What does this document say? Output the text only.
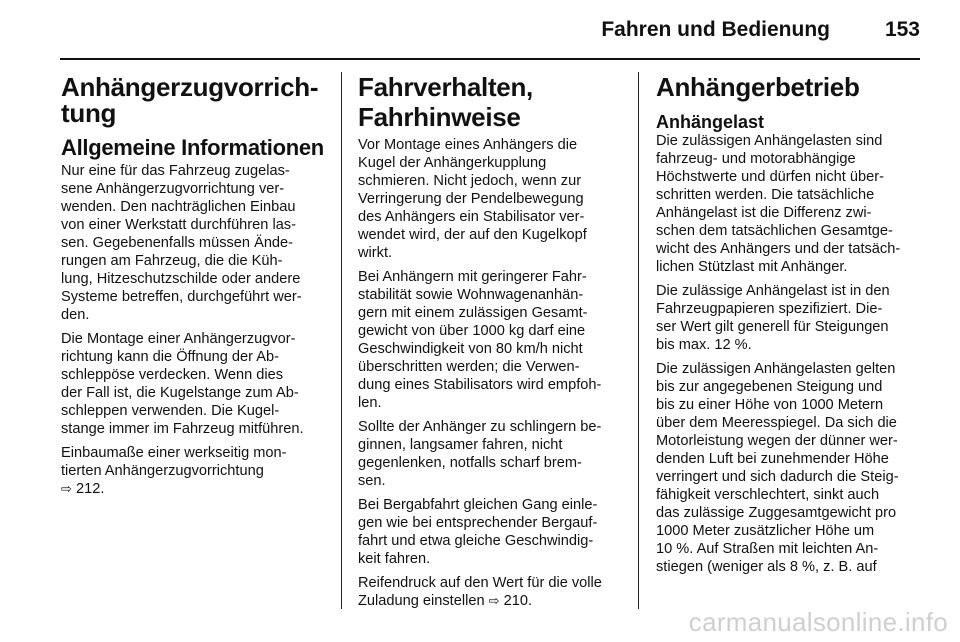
Fahren und Bedienung	153
Anhängerzugvorrich-
tung
Allgemeine Informationen

Nur eine für das Fahrzeug zugelas-
sene Anhängerzugvorrichtung ver-
wenden. Den nachträglichen Einbau
von einer Werkstatt durchführen las-
sen. Gegebenenfalls müssen Ände-
rungen am Fahrzeug, die die Küh-
lung, Hitzeschutzschilde oder andere
Systeme betreffen, durchgeführt wer-
den.

Die Montage einer Anhängerzugvor-
richtung kann die Öffnung der Ab-
schleppöse verdecken. Wenn dies
der Fall ist, die Kugelstange zum Ab-
schleppen verwenden. Die Kugel-
stange immer im Fahrzeug mitführen.

Einbaumaße einer werkseitig mon-
tierten Anhängerzugvorrichtung
⇨ 212.

Fahrverhalten,
Fahrhinweise

Vor Montage eines Anhängers die
Kugel der Anhängerkupplung
schmieren. Nicht jedoch, wenn zur
Verringerung der Pendelbewegung
des Anhängers ein Stabilisator ver-
wendet wird, der auf den Kugelkopf
wirkt.

Bei Anhängern mit geringerer Fahr-
stabilität sowie Wohnwagenanhän-
gern mit einem zulässigen Gesamt-
gewicht von über 1000 kg darf eine
Geschwindigkeit von 80 km/h nicht
überschritten werden; die Verwen-
dung eines Stabilisators wird empfoh-
len.

Sollte der Anhänger zu schlingern be-
ginnen, langsamer fahren, nicht
gegenlenken, notfalls scharf brem-
sen.

Bei Bergabfahrt gleichen Gang einle-
gen wie bei entsprechender Bergauf-
fahrt und etwa gleiche Geschwindig-
keit fahren.

Reifendruck auf den Wert für die volle
Zuladung einstellen ⇨ 210.

Anhängerbetrieb
Anhängelast

Die zulässigen Anhängelasten sind
fahrzeug- und motorabhängige
Höchstwerte und dürfen nicht über-
schritten werden. Die tatsächliche
Anhängelast ist die Differenz zwi-
schen dem tatsächlichen Gesamtge-
wicht des Anhängers und der tatsäch-
lichen Stützlast mit Anhänger.

Die zulässige Anhängelast ist in den
Fahrzeugpapieren spezifiziert. Die-
ser Wert gilt generell für Steigungen
bis max. 12 %.

Die zulässigen Anhängelasten gelten
bis zur angegebenen Steigung und
bis zu einer Höhe von 1000 Metern
über dem Meeresspiegel. Da sich die
Motorleistung wegen der dünner wer-
denden Luft bei zunehmender Höhe
verringert und sich dadurch die Steig-
fähigkeit verschlechtert, sinkt auch
das zulässige Zuggesamtgewicht pro
1000 Meter zusätzlicher Höhe um
10 %. Auf Straßen mit leichten An-
stiegen (weniger als 8 %, z. B. auf

carmanualsonline.info
